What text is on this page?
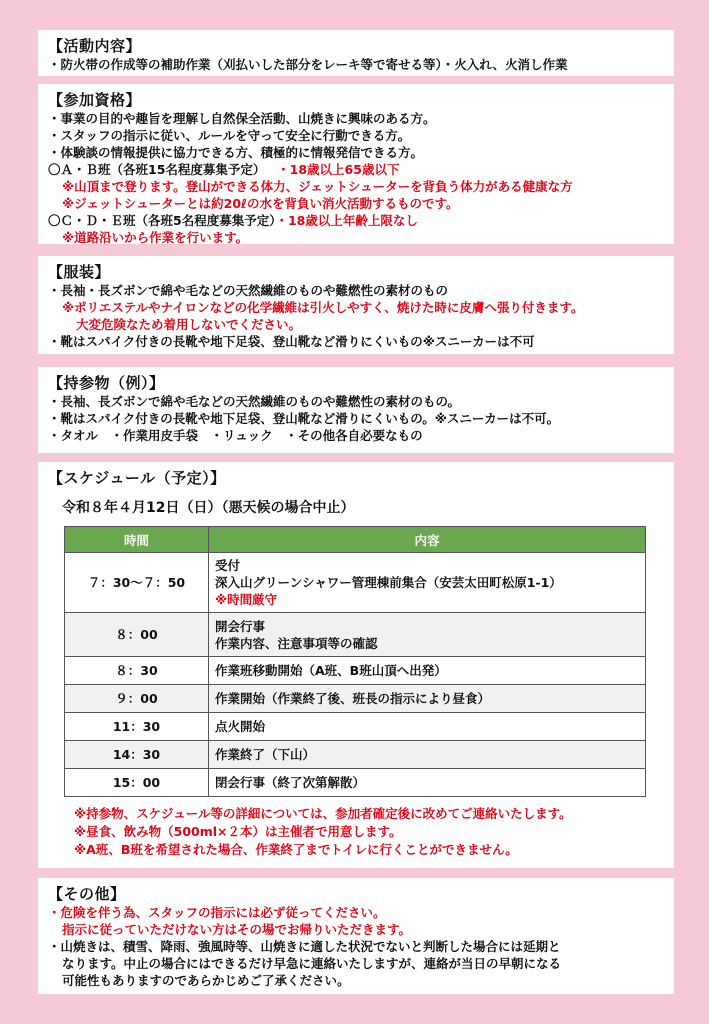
【活動内容】
・防火帯の作成等の補助作業（刈払いした部分をレーキ等で寄せる等）・火入れ、火消し作業
【参加資格】
・事業の目的や趣旨を理解し自然保全活動、山焼きに興味のある方。
・スタッフの指示に従い、ルールを守って安全に行動できる方。
・体験談の情報提供に協力できる方、積極的に情報発信できる方。
〇Ａ・Ｂ班（各班15名程度募集予定） ・18歳以上65歳以下
※山頂まで登ります。登山ができる体力、ジェットシューターを背負う体力がある健康な方
※ジェットシューターとは約20ℓの水を背負い消火活動するものです。
〇Ｃ・Ｄ・Ｅ班（各班5名程度募集予定）・18歳以上年齢上限なし
※道路沿いから作業を行います。
【服装】
・長袖・長ズボンで綿や毛などの天然繊維のものや難燃性の素材のもの
※ポリエステルやナイロンなどの化学繊維は引火しやすく、焼けた時に皮膚へ張り付きます。
大変危険なため着用しないでください。
・靴はスパイク付きの長靴や地下足袋、登山靴など滑りにくいもの※スニーカーは不可
【持参物（例）】
・長袖、長ズボンで綿や毛などの天然繊維のものや難燃性の素材のもの。
・靴はスパイク付きの長靴や地下足袋、登山靴など滑りにくいもの。※スニーカーは不可。
・タオル　・作業用皮手袋　・リュック　・その他各自必要なもの
【スケジュール（予定）】
令和８年４月12日（日）（悪天候の場合中止）
時間	内容
７：30〜７：50	受付
深入山グリーンシャワー管理棟前集合（安芸太田町松原1‐1）
※時間厳守

８：00	開会行事
作業内容、注意事項等の確認

８：30	作業班移動開始（A班、B班山頂へ出発）
９：00	作業開始（作業終了後、班長の指示により昼食）
11：30	点火開始
14：30	作業終了（下山）
15：00	閉会行事（終了次第解散）
※持参物、スケジュール等の詳細については、参加者確定後に改めてご連絡いたします。
※昼食、飲み物（500ml×２本）は主催者で用意します。
※A班、B班を希望された場合、作業終了までトイレに行くことができません。
【その他】
・危険を伴う為、スタッフの指示には必ず従ってください。
指示に従っていただけない方はその場でお帰りいただきます。
・山焼きは、積雪、降雨、強風時等、山焼きに適した状況でないと判断した場合には延期と
なります。中止の場合にはできるだけ早急に連絡いたしますが、連絡が当日の早朝になる
可能性もありますのであらかじめご了承ください。
